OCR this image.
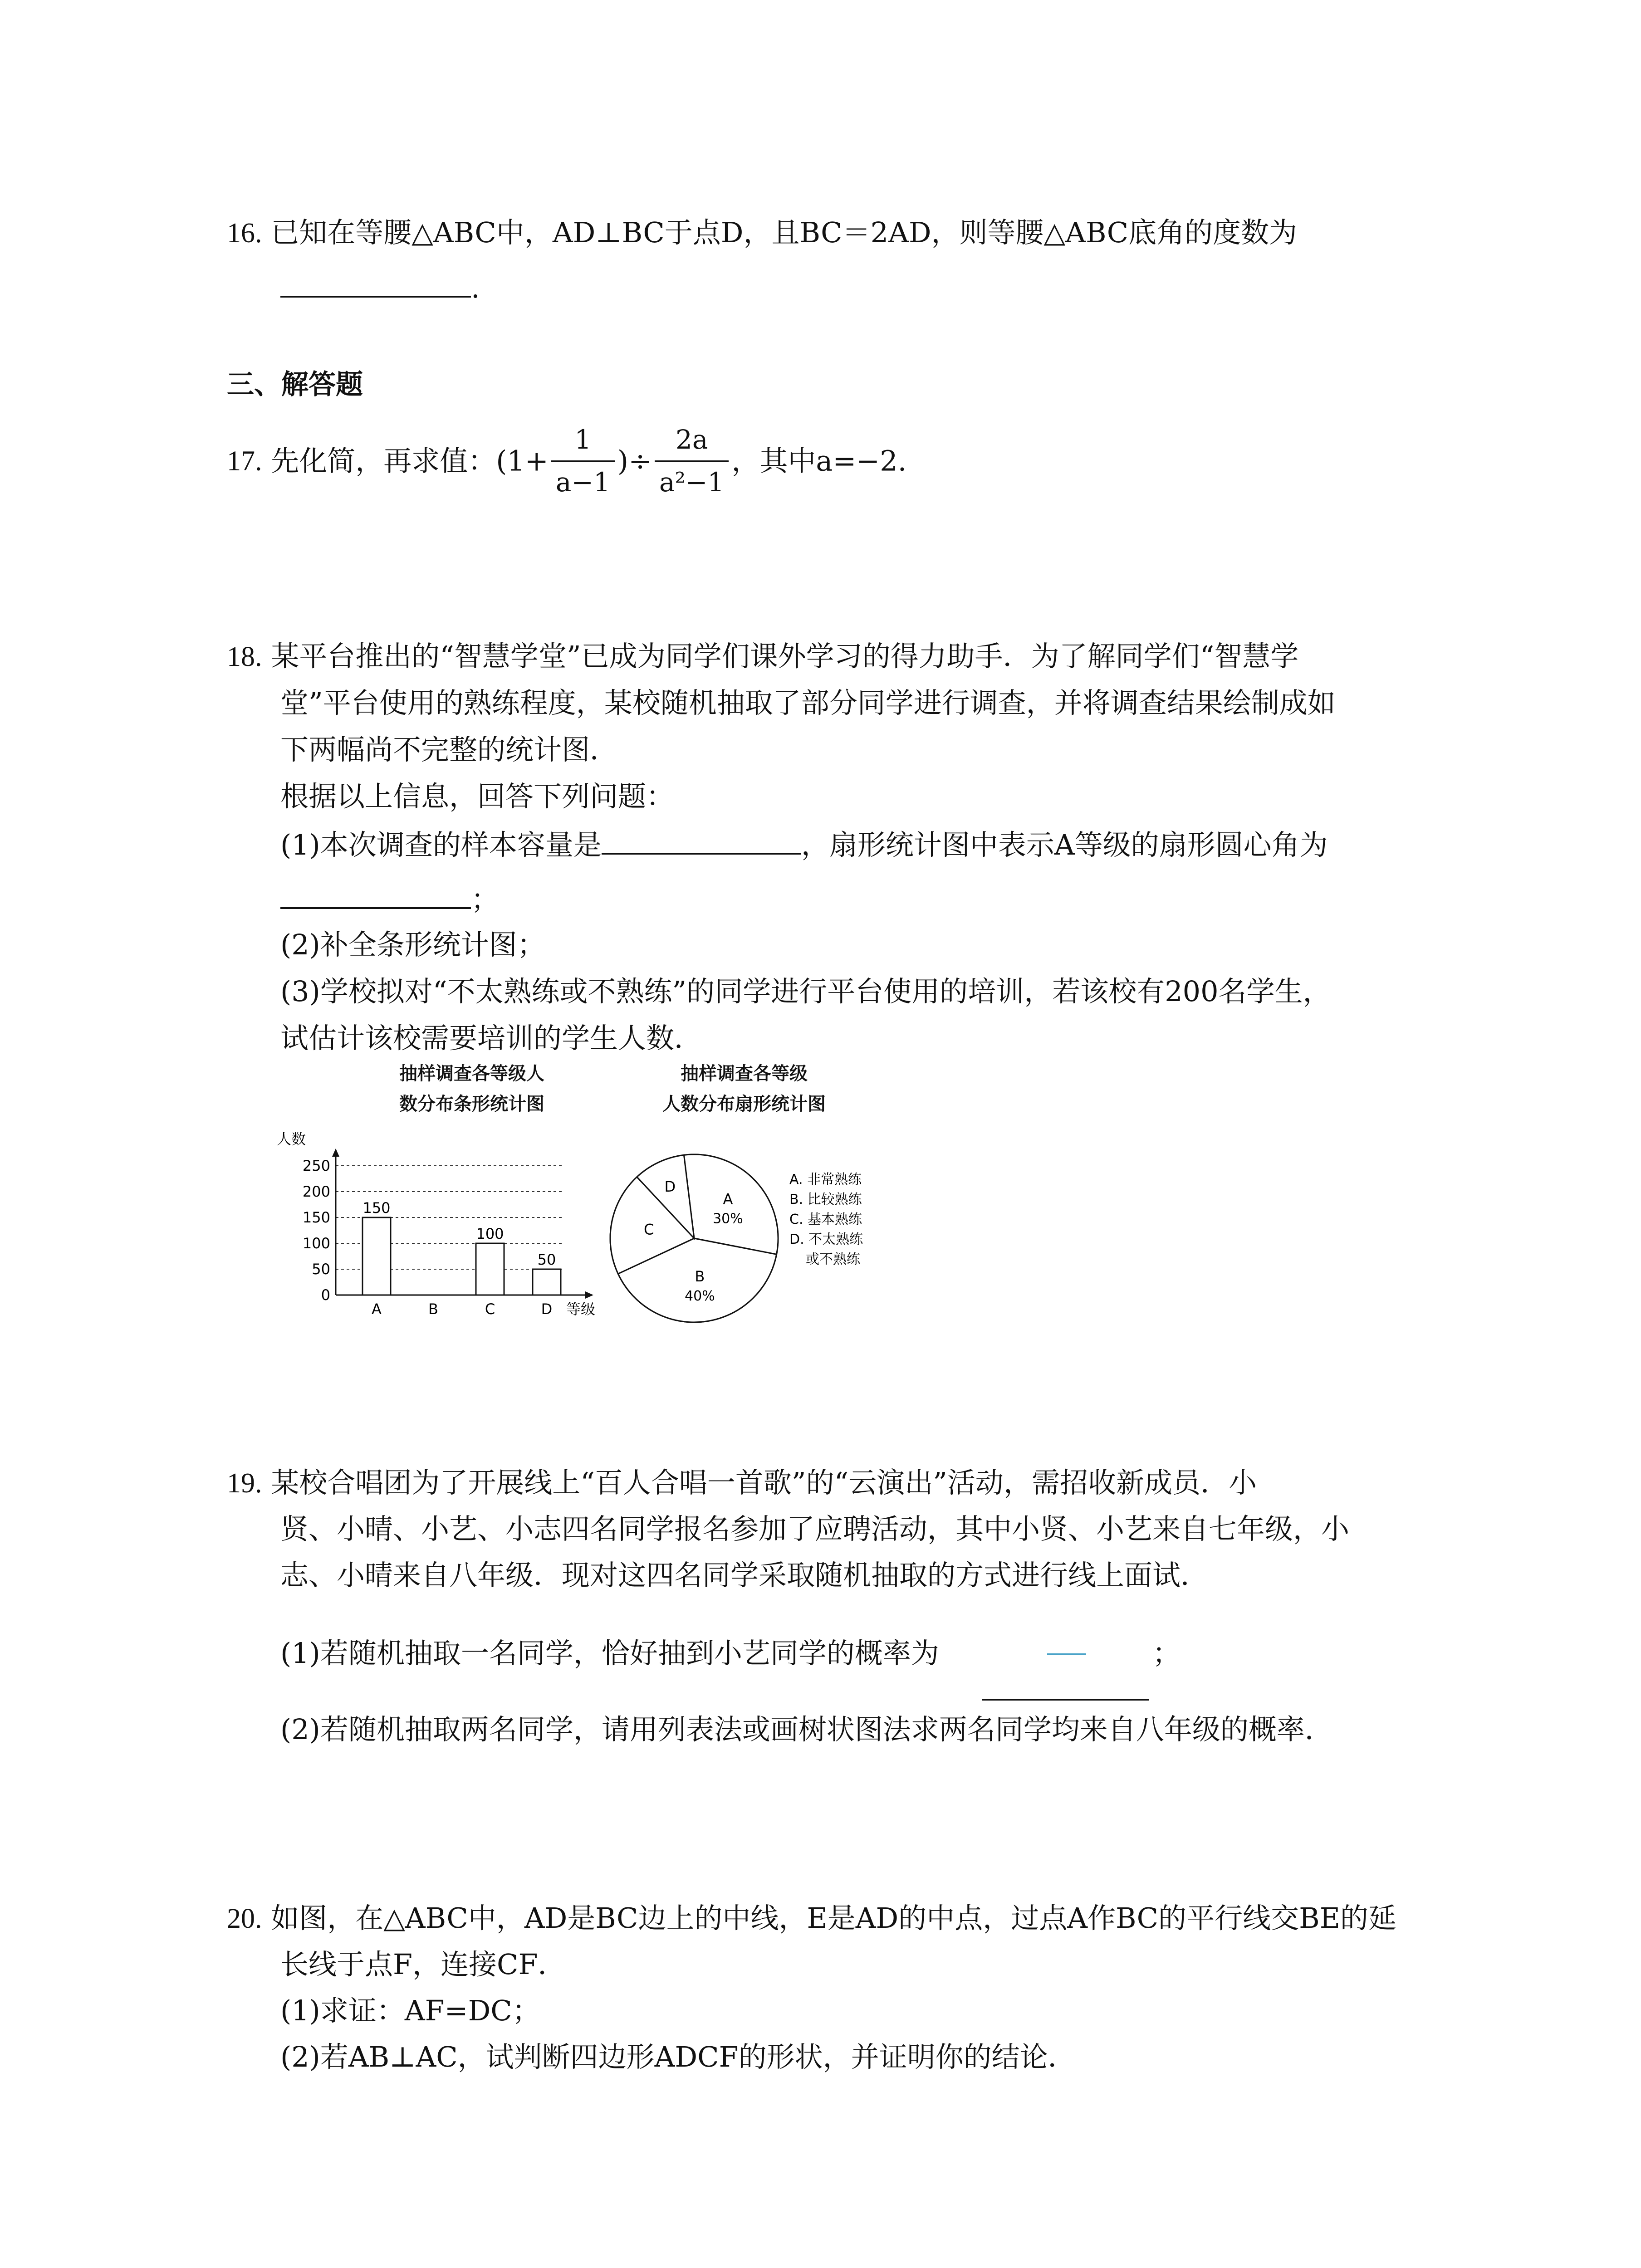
16. 已知在等腰△ABC中，AD⊥BC于点D，且BC＝2AD，则等腰△ABC底角的度数为
.
三、解答题
17. 先化简，再求值：($1+ \frac{1}{a-1}$ )÷ $\frac{2a}{\text{a²−1}}$ ，其中a=−2.
18. 某平台推出的“智慧学堂”已成为同学们课外学习的得力助手．为了解同学们“智慧学
堂”平台使用的熟练程度，某校随机抽取了部分同学进行调查，并将调查结果绘制成如
下两幅尚不完整的统计图．
根据以上信息，回答下列问题：
(1)本次调查的样本容量是	，扇形统计图中表示A等级的扇形圆心角为
；
(2)补全条形统计图；
(3)学校拟对“不太熟练或不熟练”的同学进行平台使用的培训，若该校有200名学生，
试估计该校需要培训的学生人数．
抽样调查各等级人
数分布条形统计图
人数
0
50
100
150
200
250
150
A	B
100
C
50
D 等级
抽样调查各等级
人数分布扇形统计图
A
30%
B
40%
C
D	A. 非常熟练
B. 比较熟练
C. 基本熟练
D. 不太熟练
或不熟练
19. 某校合唱团为了开展线上“百人合唱一首歌”的“云演出”活动，需招收新成员．小
贤、小晴、小艺、小志四名同学报名参加了应聘活动，其中小贤、小艺来自七年级，小
志、小晴来自八年级．现对这四名同学采取随机抽取的方式进行线上面试．
(1)若随机抽取一名同学，恰好抽到小艺同学的概率为	；
(2)若随机抽取两名同学，请用列表法或画树状图法求两名同学均来自八年级的概率．
20. 如图，在△ABC中，AD是BC边上的中线，E是AD的中点，过点A作BC的平行线交BE的延
长线于点F，连接CF．
(1)求证：AF=DC；
(2)若AB⊥AC，试判断四边形ADCF的形状，并证明你的结论．
